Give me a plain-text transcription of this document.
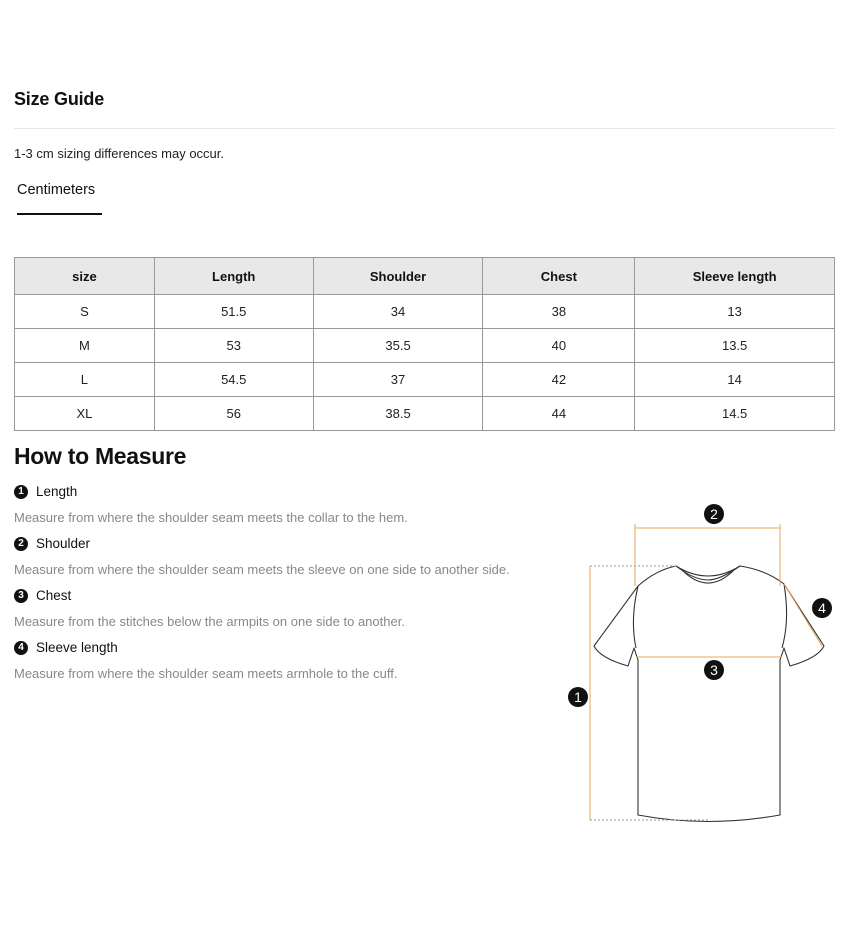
Size Guide
1-3 cm sizing differences may occur.
Centimeters
size	Length	Shoulder	Chest	Sleeve length
S	51.5	34	38	13
M	53	35.5	40	13.5
L	54.5	37	42	14
XL	56	38.5	44	14.5
How to Measure
1 Length
Measure from where the shoulder seam meets the collar to the hem.
2 Shoulder
Measure from where the shoulder seam meets the sleeve on one side to another side.
3 Chest
Measure from the stitches below the armpits on one side to another.
4 Sleeve length
Measure from where the shoulder seam meets armhole to the cuff.
2
4
3
1
